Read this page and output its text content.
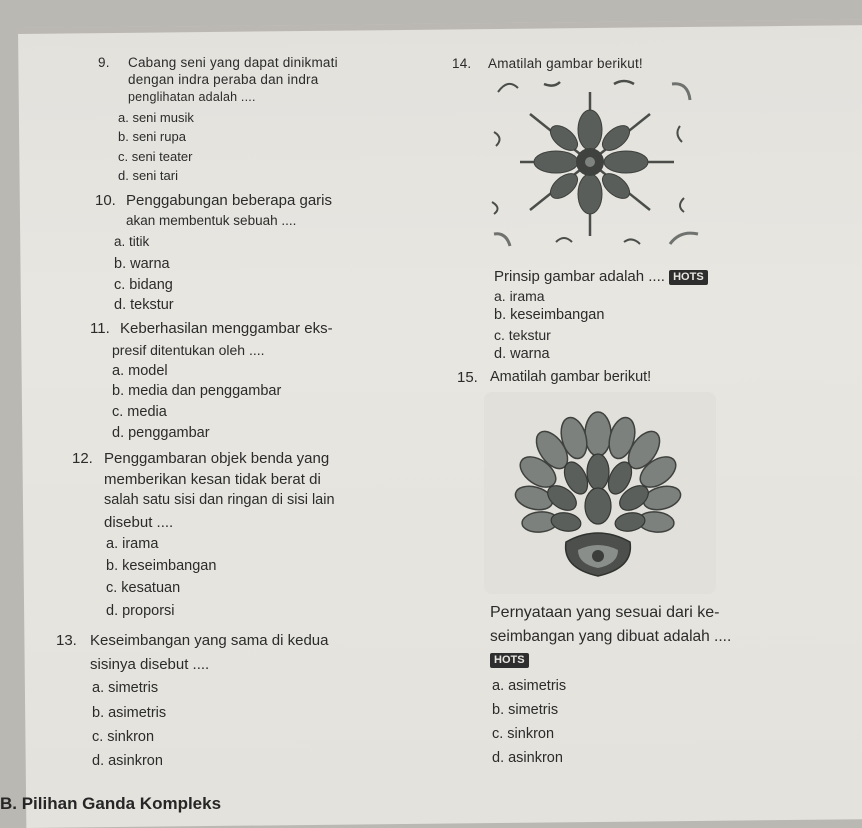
9. Cabang seni yang dapat dinikmati
dengan indra peraba dan indra
penglihatan adalah ....
a. seni musik
b. seni rupa
c. seni teater
d. seni tari
10. Penggabungan beberapa garis
akan membentuk sebuah ....
a. titik
b. warna
c. bidang
d. tekstur
11. Keberhasilan menggambar eks-
presif ditentukan oleh ....
a. model
b. media dan penggambar
c. media
d. penggambar
12. Penggambaran objek benda yang
memberikan kesan tidak berat di
salah satu sisi dan ringan di sisi lain
disebut ....
a. irama
b. keseimbangan
c. kesatuan
d. proporsi
13. Keseimbangan yang sama di kedua
sisinya disebut ....
a. simetris
b. asimetris
c. sinkron
d. asinkron
B. Pilihan Ganda Kompleks
14. Amatilah gambar berikut!
Prinsip gambar adalah .... HOTS
a. irama
b. keseimbangan
c. tekstur
d. warna
15. Amatilah gambar berikut!
Pernyataan yang sesuai dari ke-
seimbangan yang dibuat adalah ....
HOTS
a. asimetris
b. simetris
c. sinkron
d. asinkron
